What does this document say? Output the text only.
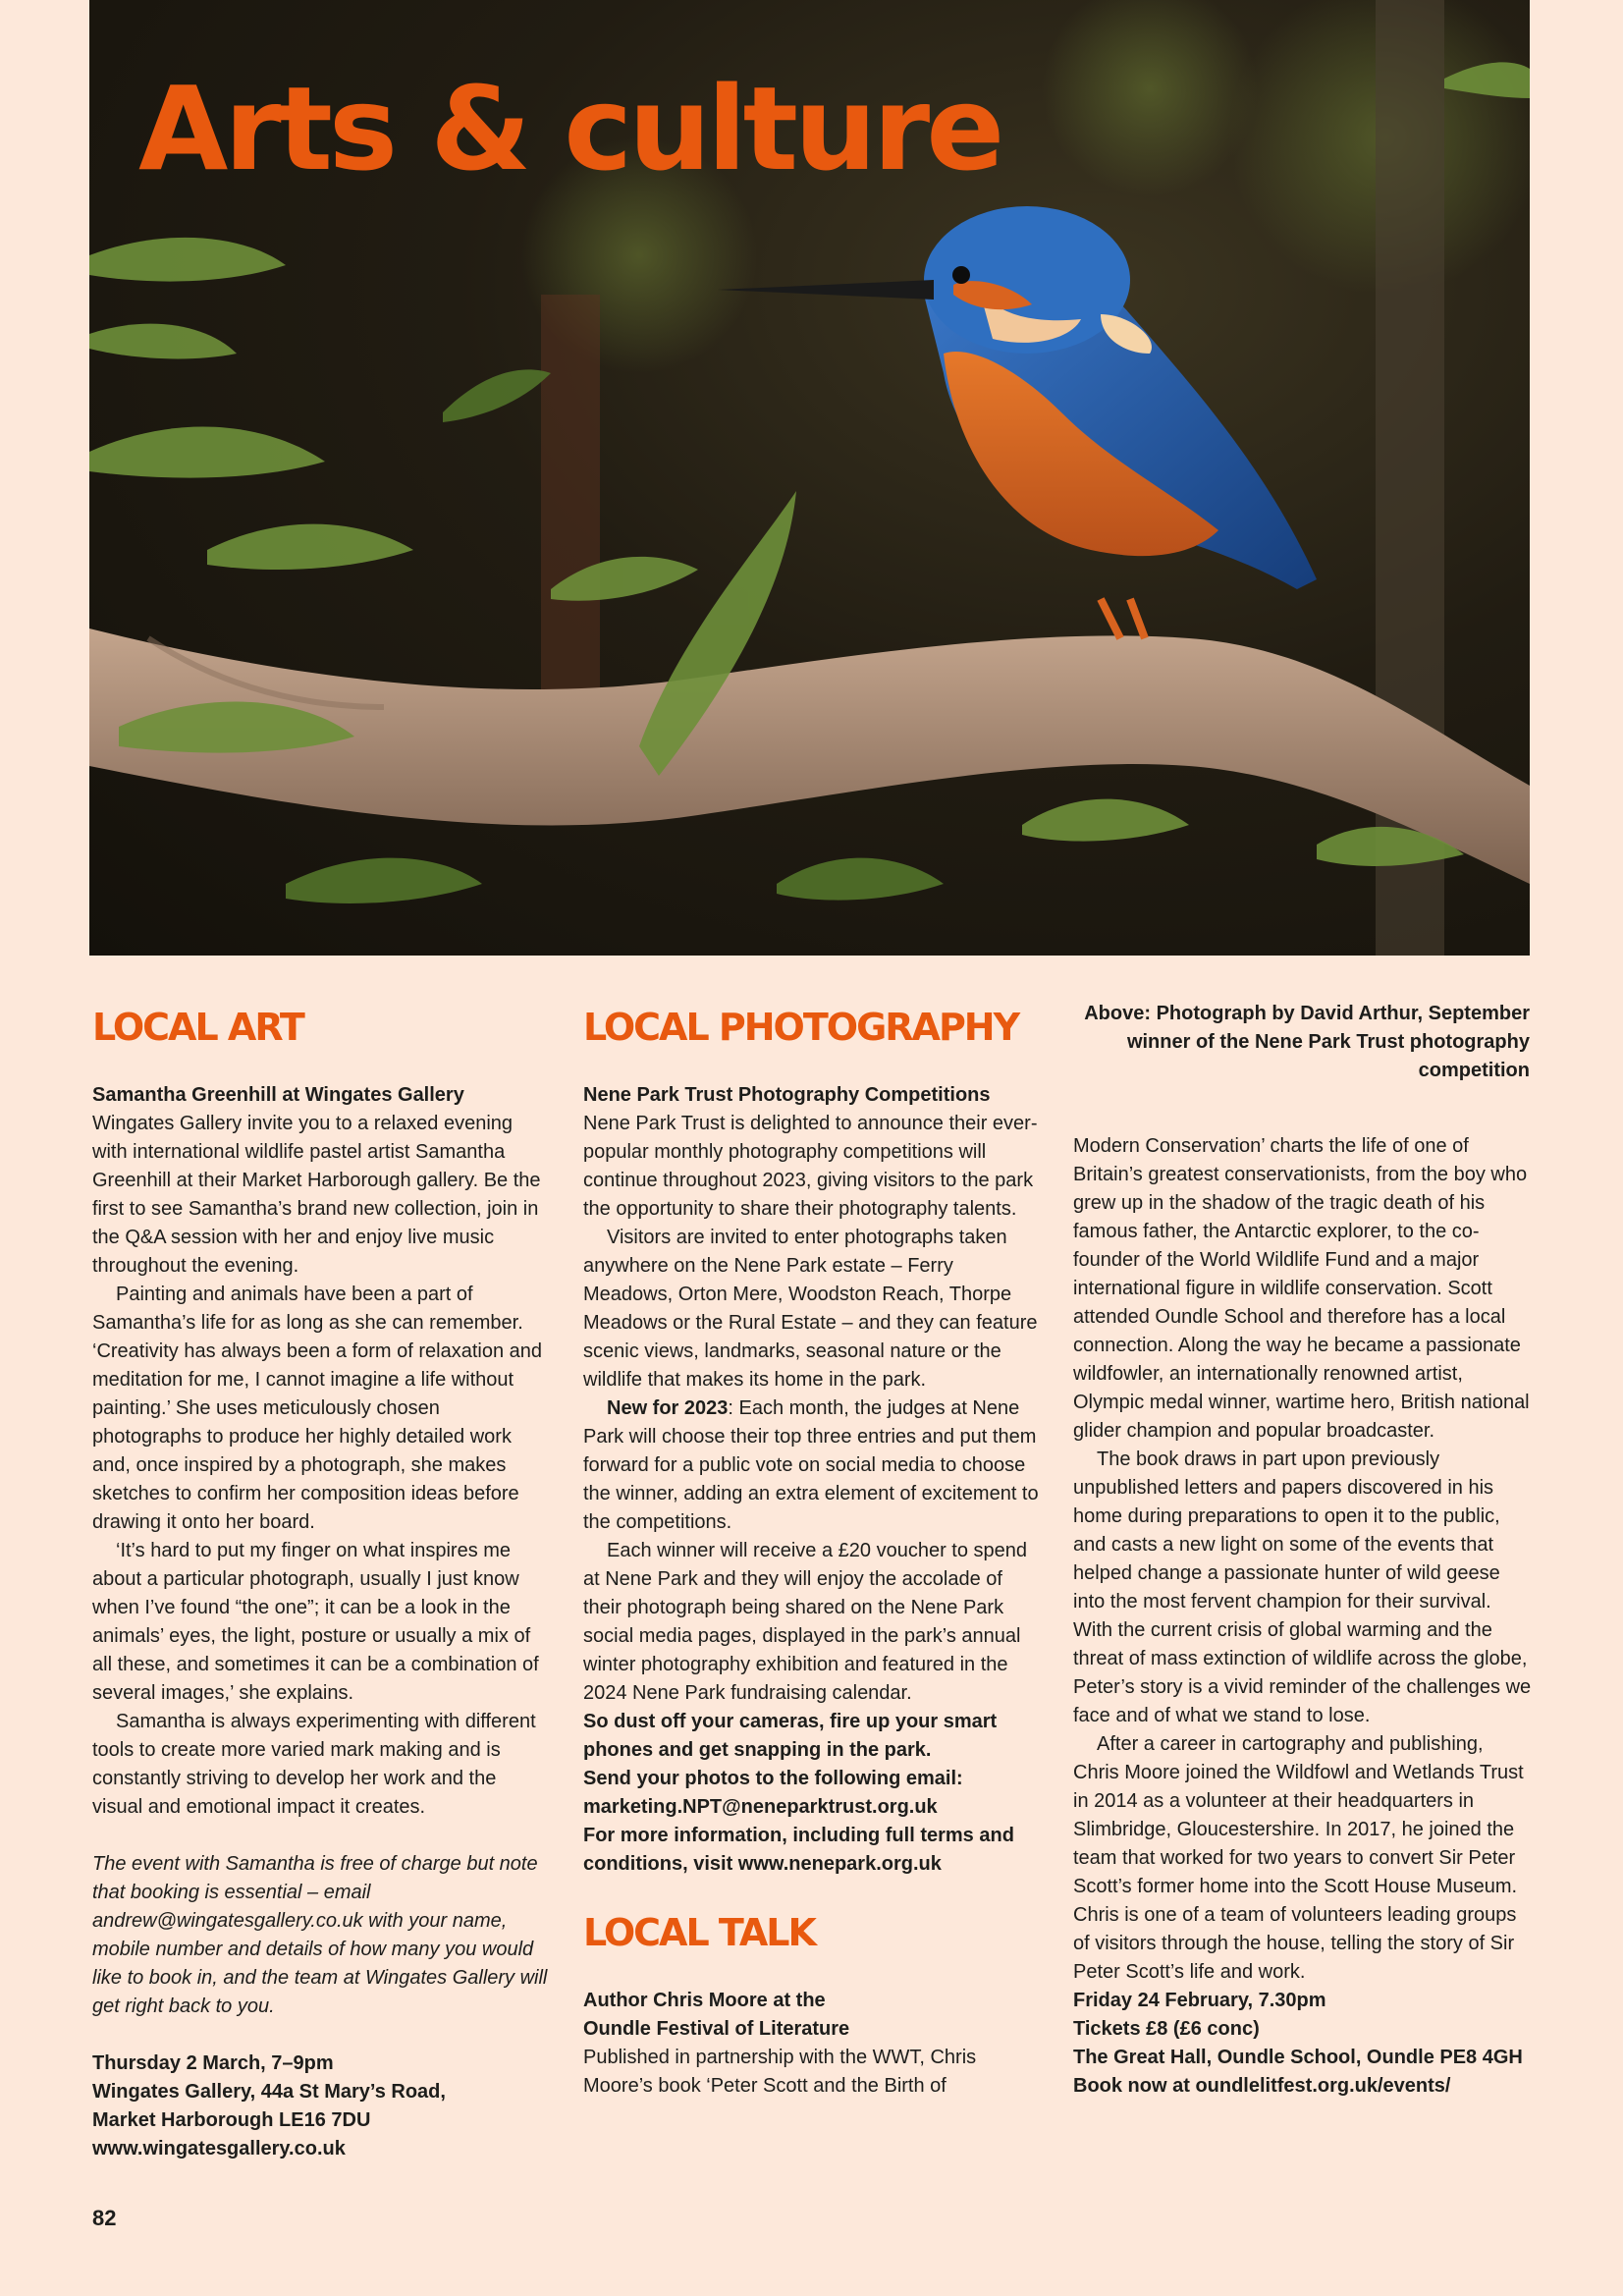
Arts & culture
Above: Photograph by David Arthur, September winner of the Nene Park Trust photography competition
LOCAL ART

Samantha Greenhill at Wingates Gallery

Wingates Gallery invite you to a relaxed evening with international wildlife pastel artist Samantha Greenhill at their Market Harborough gallery. Be the first to see Samantha’s brand new collection, join in the Q&A session with her and enjoy live music throughout the evening.

Painting and animals have been a part of Samantha’s life for as long as she can remember. ‘Creativity has always been a form of relaxation and meditation for me, I cannot imagine a life without painting.’ She uses meticulously chosen photographs to produce her highly detailed work and, once inspired by a photograph, she makes sketches to confirm her composition ideas before drawing it onto her board.

‘It’s hard to put my finger on what inspires me about a particular photograph, usually I just know when I’ve found “the one”; it can be a look in the animals’ eyes, the light, posture or usually a mix of all these, and sometimes it can be a combination of several images,’ she explains.

Samantha is always experimenting with different tools to create more varied mark making and is constantly striving to develop her work and the visual and emotional impact it creates.

The event with Samantha is free of charge but note that booking is essential – email andrew@wingatesgallery.co.uk with your name, mobile number and details of how many you would like to book in, and the team at Wingates Gallery will get right back to you.

Thursday 2 March, 7–9pm

Wingates Gallery, 44a St Mary’s Road,

Market Harborough LE16 7DU

www.wingatesgallery.co.uk

LOCAL PHOTOGRAPHY

Nene Park Trust Photography Competitions

Nene Park Trust is delighted to announce their ever-popular monthly photography competitions will continue throughout 2023, giving visitors to the park the opportunity to share their photography talents.

Visitors are invited to enter photographs taken anywhere on the Nene Park estate – Ferry Meadows, Orton Mere, Woodston Reach, Thorpe Meadows or the Rural Estate – and they can feature scenic views, landmarks, seasonal nature or the wildlife that makes its home in the park.

New for 2023: Each month, the judges at Nene Park will choose their top three entries and put them forward for a public vote on social media to choose the winner, adding an extra element of excitement to the competitions.

Each winner will receive a £20 voucher to spend at Nene Park and they will enjoy the accolade of their photograph being shared on the Nene Park social media pages, displayed in the park’s annual winter photography exhibition and featured in the 2024 Nene Park fundraising calendar.

So dust off your cameras, fire up your smart phones and get snapping in the park.

Send your photos to the following email: marketing.NPT@neneparktrust.org.uk

For more information, including full terms and conditions, visit www.nenepark.org.uk

LOCAL TALK

Author Chris Moore at the

Oundle Festival of Literature

Published in partnership with the WWT, Chris Moore’s book ‘Peter Scott and the Birth of

Modern Conservation’ charts the life of one of Britain’s greatest conservationists, from the boy who grew up in the shadow of the tragic death of his famous father, the Antarctic explorer, to the co-founder of the World Wildlife Fund and a major international figure in wildlife conservation. Scott attended Oundle School and therefore has a local connection. Along the way he became a passionate wildfowler, an internationally renowned artist, Olympic medal winner, wartime hero, British national glider champion and popular broadcaster.

The book draws in part upon previously unpublished letters and papers discovered in his home during preparations to open it to the public, and casts a new light on some of the events that helped change a passionate hunter of wild geese into the most fervent champion for their survival. With the current crisis of global warming and the threat of mass extinction of wildlife across the globe, Peter’s story is a vivid reminder of the challenges we face and of what we stand to lose.

After a career in cartography and publishing, Chris Moore joined the Wildfowl and Wetlands Trust in 2014 as a volunteer at their headquarters in Slimbridge, Gloucestershire. In 2017, he joined the team that worked for two years to convert Sir Peter Scott’s former home into the Scott House Museum. Chris is one of a team of volunteers leading groups of visitors through the house, telling the story of Sir Peter Scott’s life and work.

Friday 24 February, 7.30pm

Tickets £8 (£6 conc)

The Great Hall, Oundle School, Oundle PE8 4GH

Book now at oundlelitfest.org.uk/events/

82
